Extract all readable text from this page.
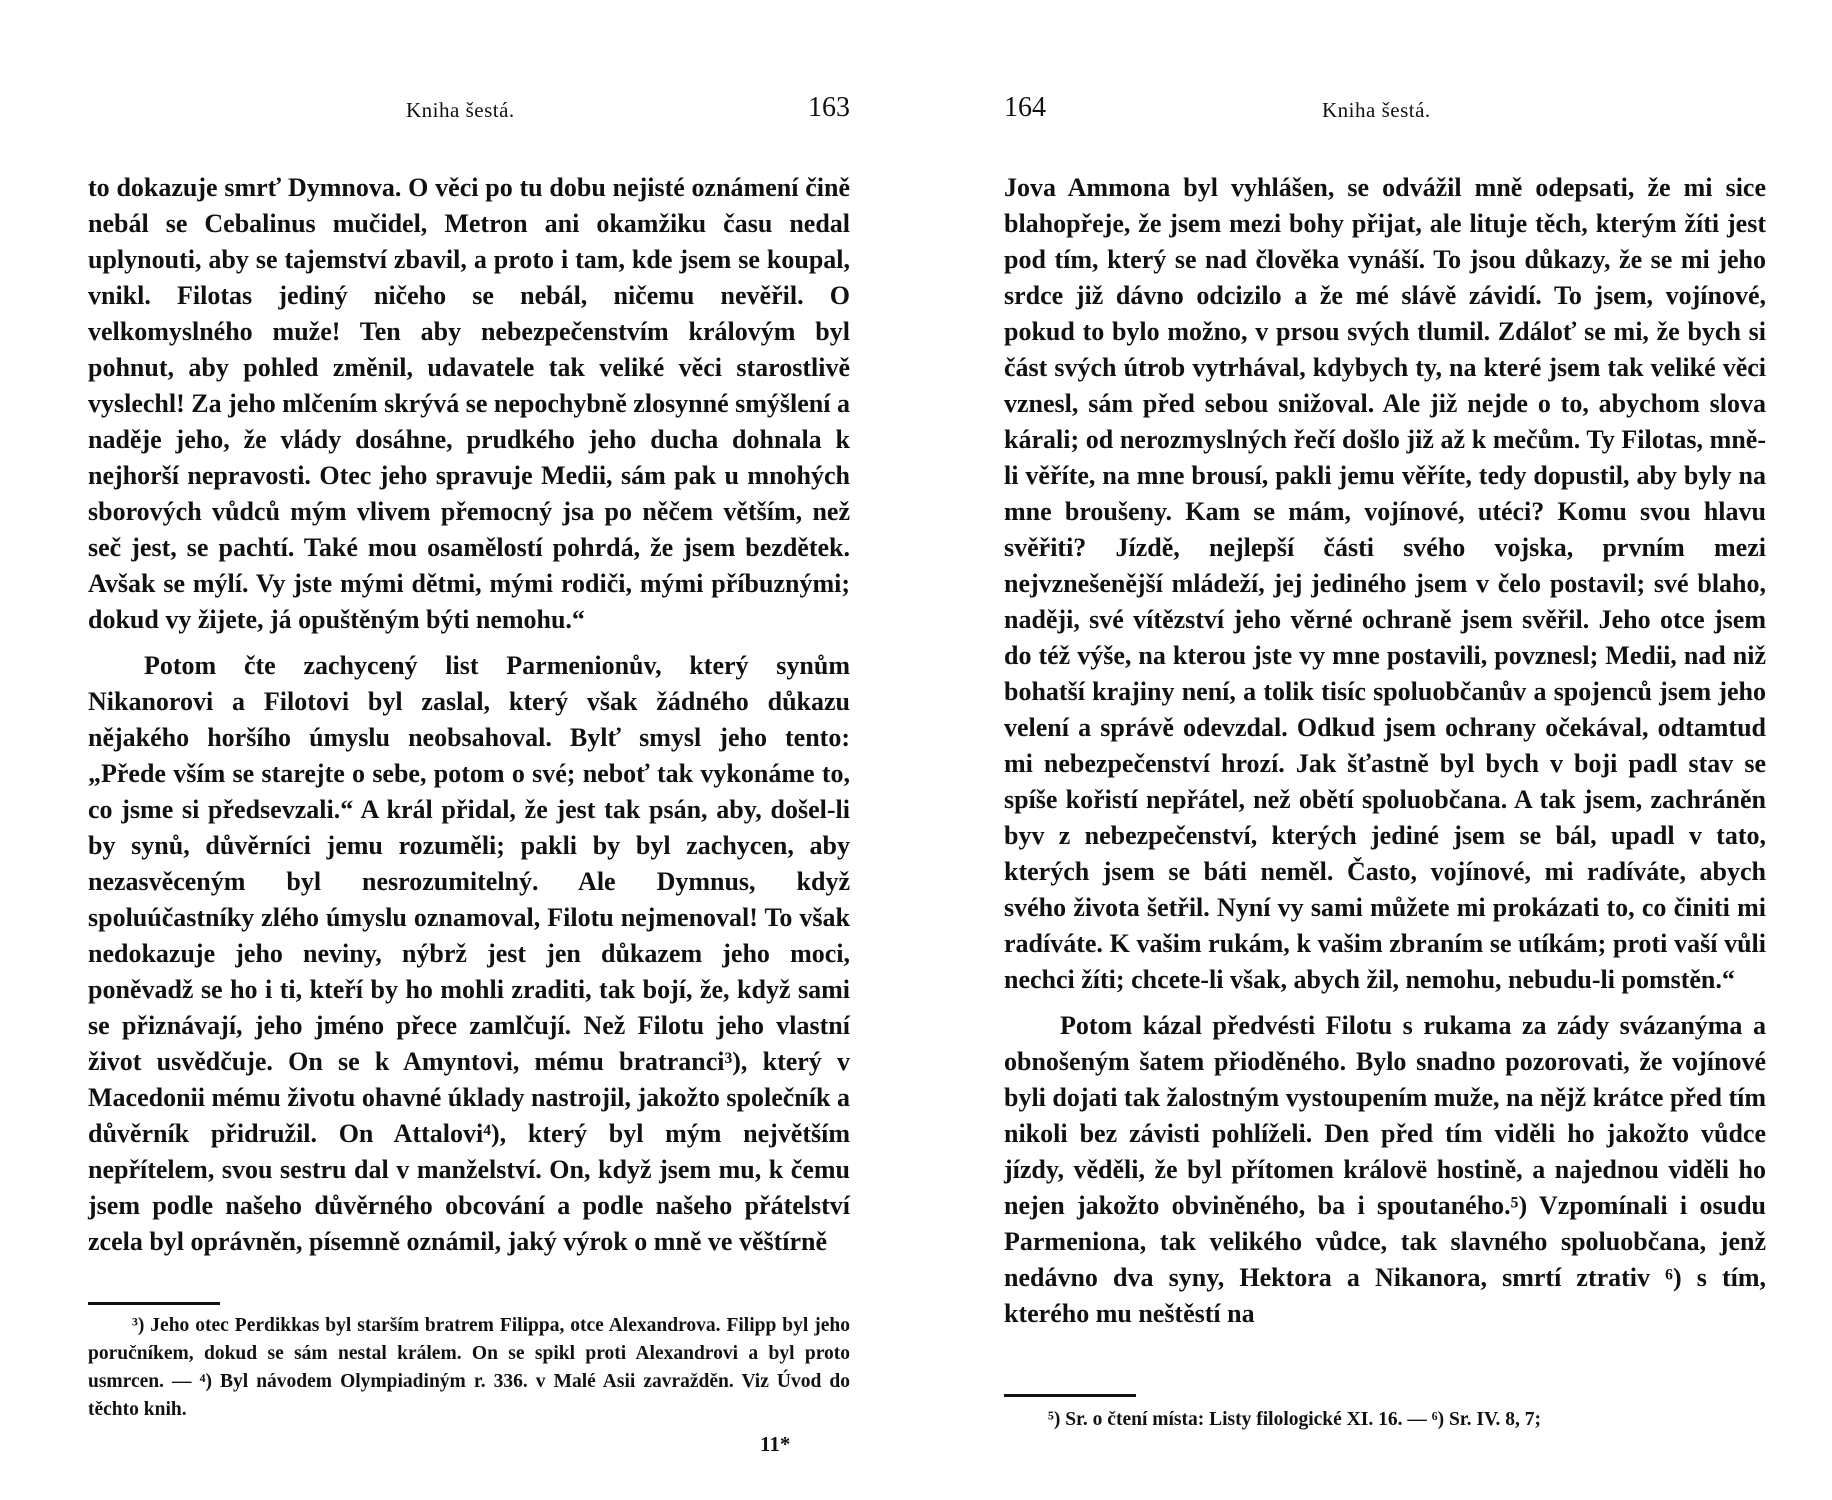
Kniha šestá.	163

to dokazuje smrť Dymnova. O věci po tu dobu nejisté oznámení čině nebál se Cebalinus mučidel, Metron ani okamžiku času nedal uplynouti, aby se tajemství zbavil, a proto i tam, kde jsem se koupal, vnikl. Filotas jediný ničeho se nebál, ničemu nevěřil. O velkomyslného muže! Ten aby nebezpečenstvím královým byl pohnut, aby pohled změnil, udavatele tak veliké věci starostlivě vyslechl! Za jeho mlčením skrývá se nepochybně zlosynné smýšlení a naděje jeho, že vlády dosáhne, prudkého jeho ducha dohnala k nejhorší nepravosti. Otec jeho spravuje Medii, sám pak u mnohých sborových vůdců mým vlivem přemocný jsa po něčem větším, než seč jest, se pachtí. Také mou osamělostí pohrdá, že jsem bezdětek. Avšak se mýlí. Vy jste mými dětmi, mými rodiči, mými příbuznými; dokud vy žijete, já opuštěným býti nemohu.“

Potom čte zachycený list Parmenionův, který synům Nikanorovi a Filotovi byl zaslal, který však žádného důkazu nějakého horšího úmyslu neobsahoval. Bylť smysl jeho tento: „Přede vším se starejte o sebe, potom o své; neboť tak vykonáme to, co jsme si předsevzali.“ A král přidal, že jest tak psán, aby, došel-li by synů, důvěrníci jemu rozuměli; pakli by byl zachycen, aby nezasvěceným byl nesrozumitelný. Ale Dymnus, když spoluúčastníky zlého úmyslu oznamoval, Filotu nejmenoval! To však nedokazuje jeho neviny, nýbrž jest jen důkazem jeho moci, poněvadž se ho i ti, kteří by ho mohli zraditi, tak bojí, že, když sami se přiznávají, jeho jméno přece zamlčují. Než Filotu jeho vlastní život usvědčuje. On se k Amyntovi, mému bratranci³), který v Macedonii mému životu ohavné úklady nastrojil, jakožto společník a důvěrník přidružil. On Attalovi⁴), který byl mým největším nepřítelem, svou sestru dal v manželství. On, když jsem mu, k čemu jsem podle našeho důvěrného obcování a podle našeho přátelství zcela byl oprávněn, písemně oznámil, jaký výrok o mně ve věštírně

³) Jeho otec Perdikkas byl starším bratrem Filippa, otce Alexandrova. Filipp byl jeho poručníkem, dokud se sám nestal králem. On se spikl proti Alexandrovi a byl proto usmrcen. — ⁴) Byl návodem Olympiadiným r. 336. v Malé Asii zavražděn. Viz Úvod do těchto knih.

11*
164	Kniha šestá.

Jova Ammona byl vyhlášen, se odvážil mně odepsati, že mi sice blahopřeje, že jsem mezi bohy přijat, ale lituje těch, kterým žíti jest pod tím, který se nad člověka vynáší. To jsou důkazy, že se mi jeho srdce již dávno odcizilo a že mé slávě závidí. To jsem, vojínové, pokud to bylo možno, v prsou svých tlumil. Zdáloť se mi, že bych si část svých útrob vytrhával, kdybych ty, na které jsem tak veliké věci vznesl, sám před sebou snižoval. Ale již nejde o to, abychom slova kárali; od nerozmyslných řečí došlo již až k mečům. Ty Filotas, mně-li věříte, na mne brousí, pakli jemu věříte, tedy dopustil, aby byly na mne broušeny. Kam se mám, vojínové, utéci? Komu svou hlavu svěřiti? Jízdě, nejlepší části svého vojska, prvním mezi nejvznešenější mládeží, jej jediného jsem v čelo postavil; své blaho, naději, své vítězství jeho věrné ochraně jsem svěřil. Jeho otce jsem do též výše, na kterou jste vy mne postavili, povznesl; Medii, nad niž bohatší krajiny není, a tolik tisíc spoluobčanův a spojenců jsem jeho velení a správě odevzdal. Odkud jsem ochrany očekával, odtamtud mi nebezpečenství hrozí. Jak šťastně byl bych v boji padl stav se spíše kořistí nepřátel, než obětí spoluobčana. A tak jsem, zachráněn byv z nebezpečenství, kterých jediné jsem se bál, upadl v tato, kterých jsem se báti neměl. Často, vojínové, mi radíváte, abych svého života šetřil. Nyní vy sami můžete mi prokázati to, co činiti mi radíváte. K vašim rukám, k vašim zbraním se utíkám; proti vaší vůli nechci žíti; chcete-li však, abych žil, nemohu, nebudu-li pomstěn.“

Potom kázal předvésti Filotu s rukama za zády svázanýma a obnošeným šatem přioděného. Bylo snadno pozorovati, že vojínové byli dojati tak žalostným vystoupením muže, na nějž krátce před tím nikoli bez závisti pohlíželi. Den před tím viděli ho jakožto vůdce jízdy, věděli, že byl přítomen královë hostině, a najednou viděli ho nejen jakožto obviněného, ba i spoutaného.⁵) Vzpomínali i osudu Parmeniona, tak velikého vůdce, tak slavného spoluobčana, jenž nedávno dva syny, Hektora a Nikanora, smrtí ztrativ ⁶) s tím, kterého mu neštěstí na

⁵) Sr. o čtení místa: Listy filologické XI. 16. — ⁶) Sr. IV. 8, 7;
